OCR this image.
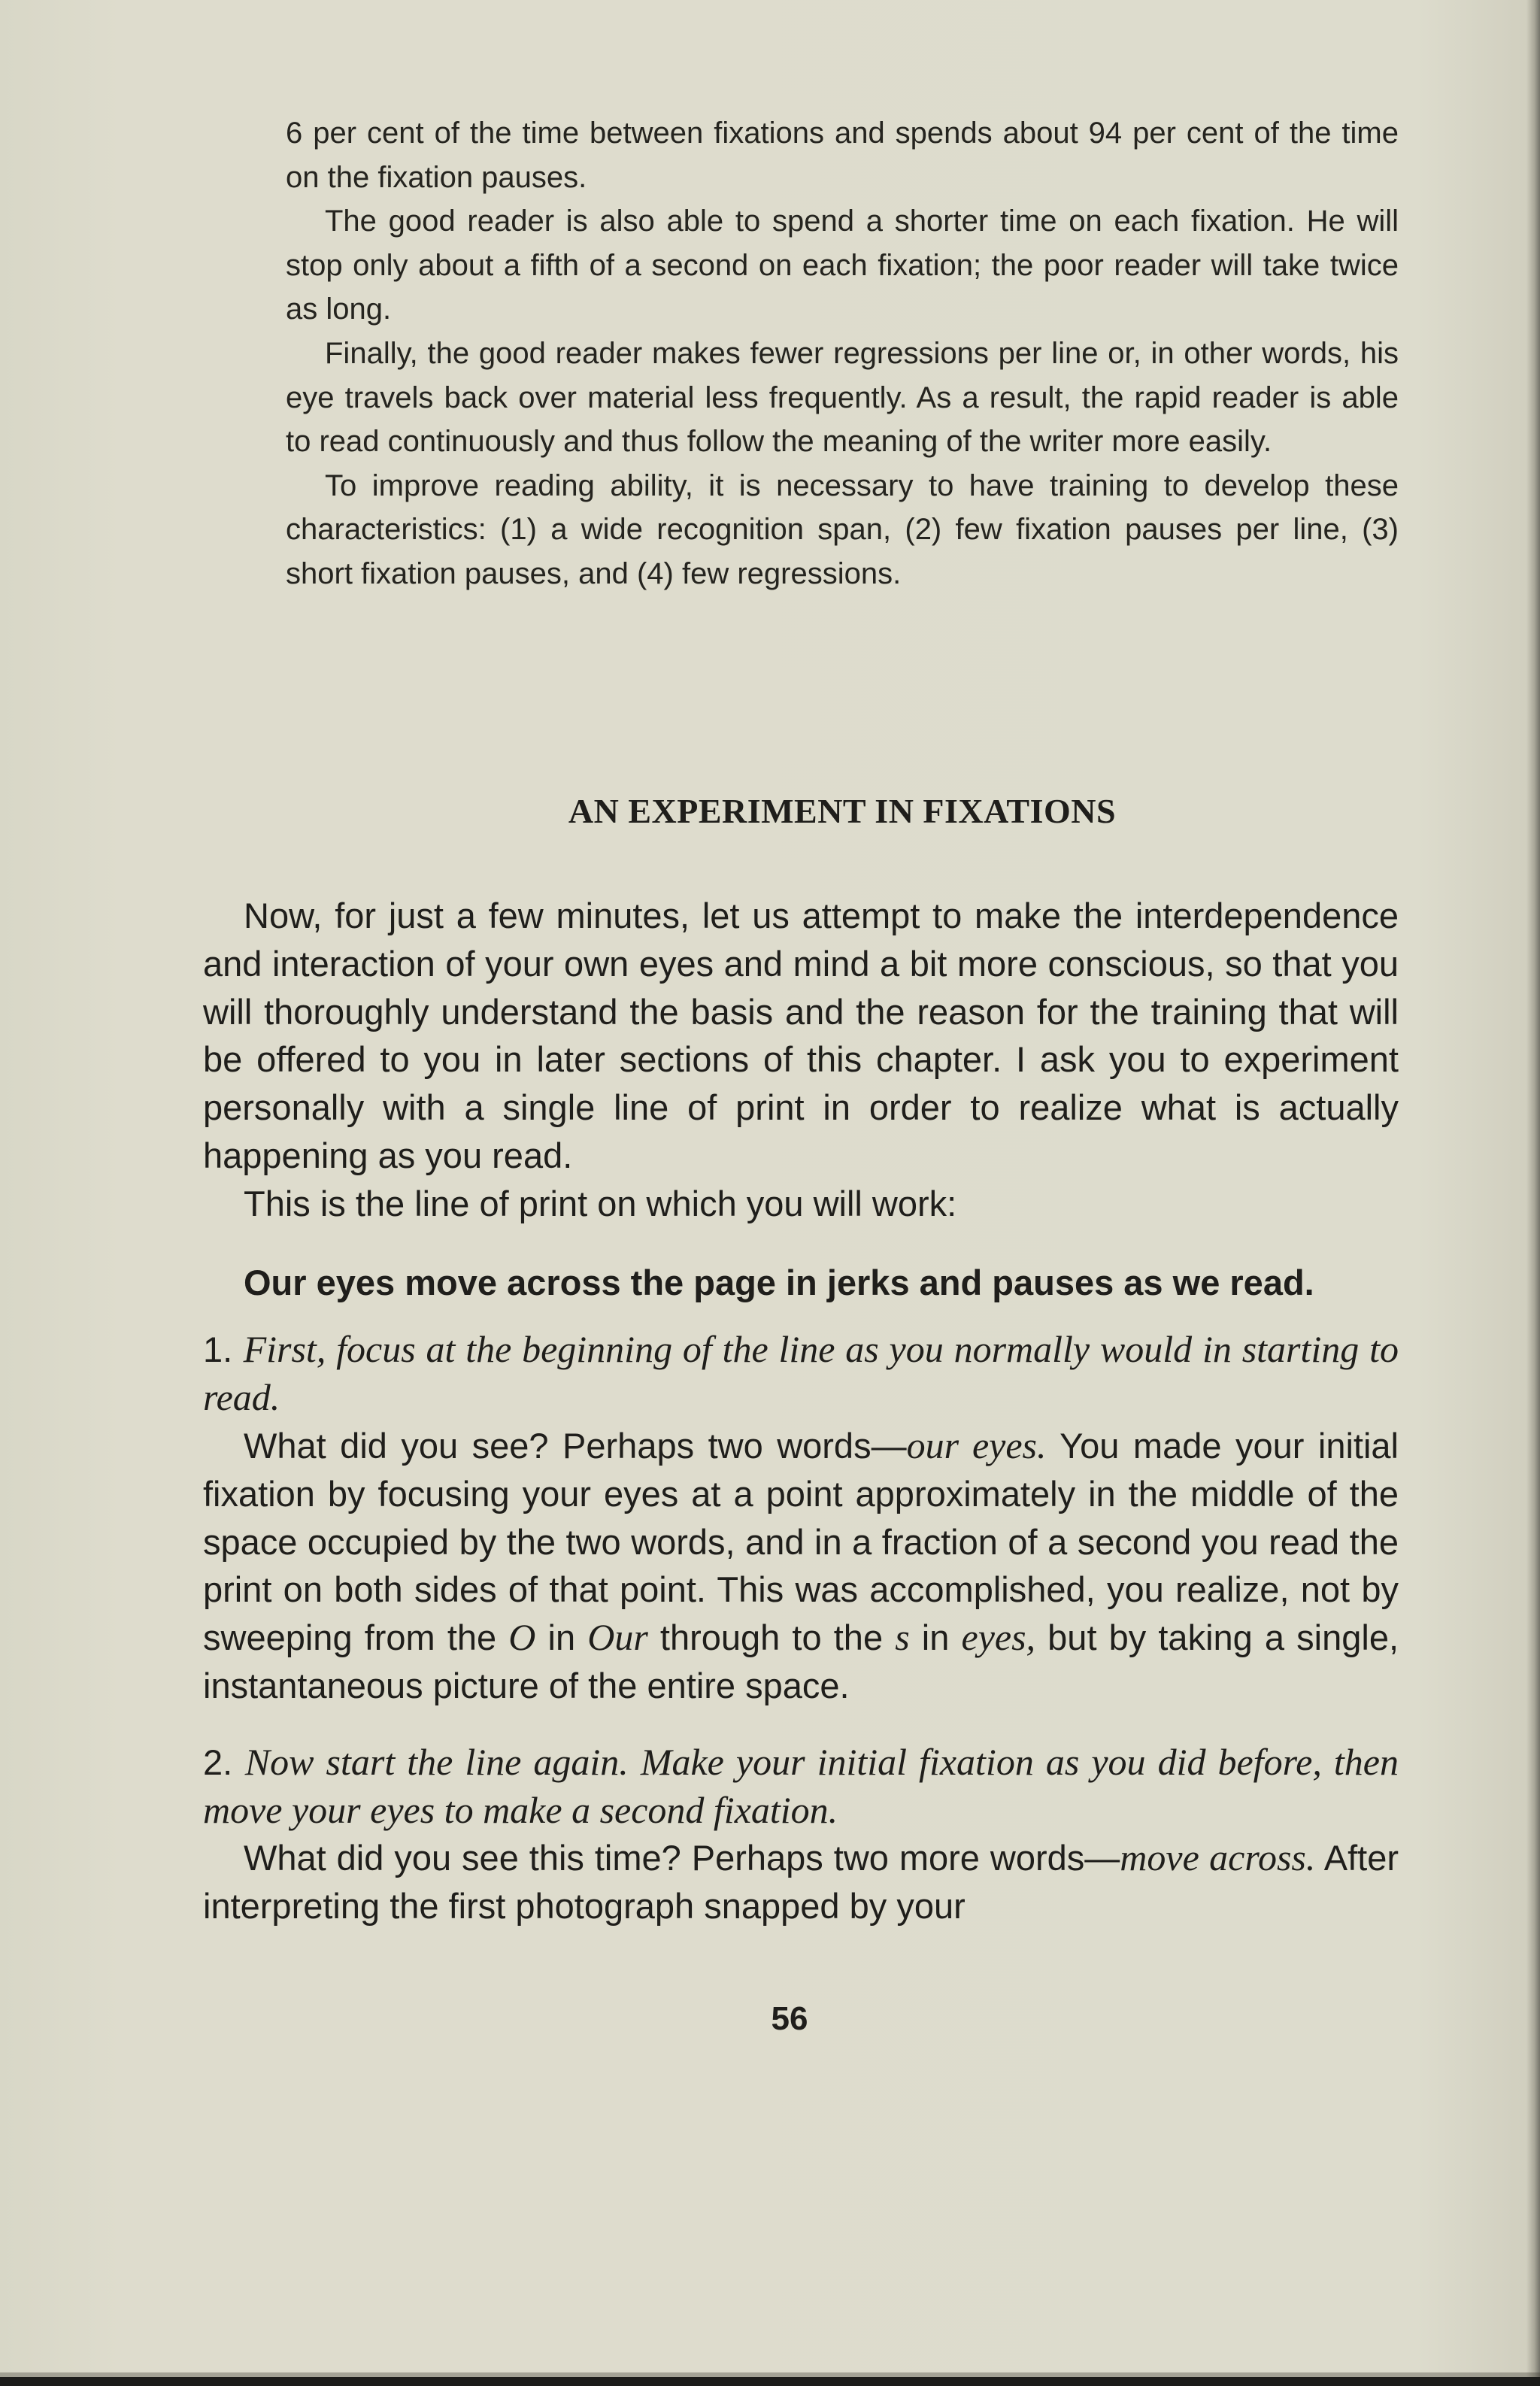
6 per cent of the time between fixations and spends about 94 per cent of the time on the fixation pauses.

The good reader is also able to spend a shorter time on each fixation. He will stop only about a fifth of a second on each fixation; the poor reader will take twice as long.

Finally, the good reader makes fewer regressions per line or, in other words, his eye travels back over material less frequently. As a result, the rapid reader is able to read continuously and thus follow the meaning of the writer more easily.

To improve reading ability, it is necessary to have training to develop these characteristics: (1) a wide recognition span, (2) few fixation pauses per line, (3) short fixation pauses, and (4) few regressions.

AN EXPERIMENT IN FIXATIONS

Now, for just a few minutes, let us attempt to make the interdependence and interaction of your own eyes and mind a bit more conscious, so that you will thoroughly understand the basis and the reason for the training that will be offered to you in later sections of this chapter. I ask you to experiment personally with a single line of print in order to realize what is actually happening as you read.

This is the line of print on which you will work:

Our eyes move across the page in jerks and pauses as we read.

1. First, focus at the beginning of the line as you normally would in starting to read.

What did you see? Perhaps two words—our eyes. You made your initial fixation by focusing your eyes at a point approximately in the middle of the space occupied by the two words, and in a fraction of a second you read the print on both sides of that point. This was accomplished, you realize, not by sweeping from the O in Our through to the s in eyes, but by taking a single, instantaneous picture of the entire space.

2. Now start the line again. Make your initial fixation as you did before, then move your eyes to make a second fixation.

What did you see this time? Perhaps two more words—move across. After interpreting the first photograph snapped by your

56
